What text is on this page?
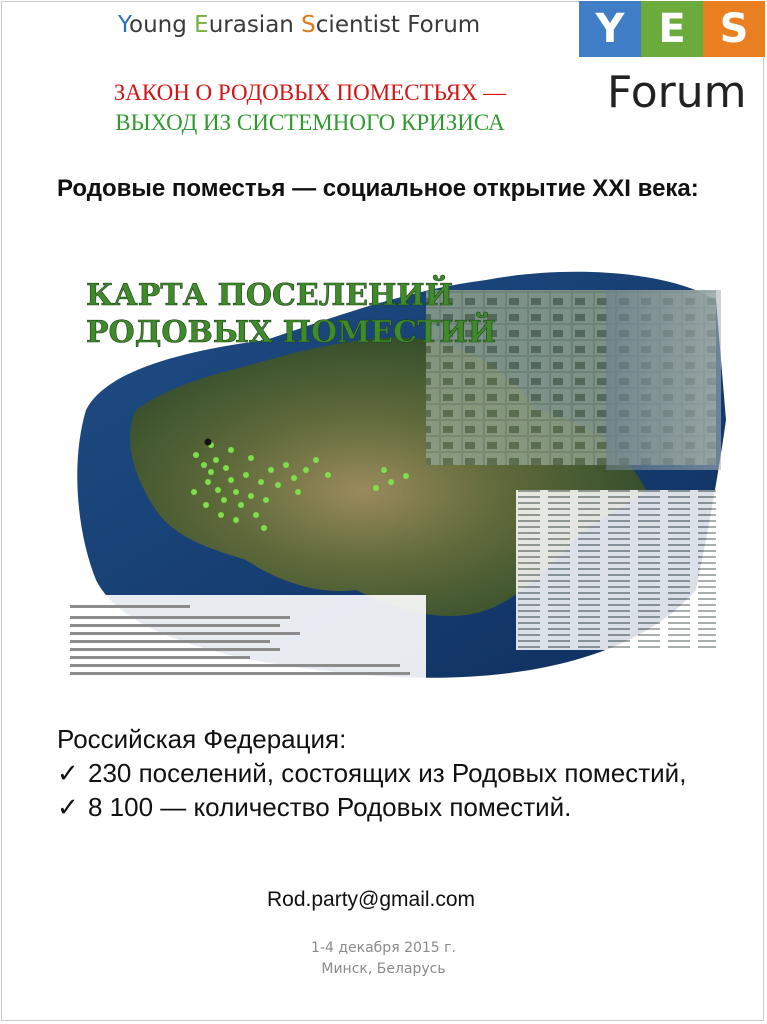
Young Eurasian Scientist Forum	Y E S
Forum
ЗАКОН О РОДОВЫХ ПОМЕСТЬЯХ —
ВЫХОД ИЗ СИСТЕМНОГО КРИЗИСА
Родовые поместья — социальное открытие XXI века:
КАРТА ПОСЕЛЕНИЙ
РОДОВЫХ ПОМЕСТИЙ
Российская Федерация:
✓ 230 поселений, состоящих из Родовых поместий,
✓ 8 100 — количество Родовых поместий.
Rod.party@gmail.com
1-4 декабря 2015 г.
Минск, Беларусь
